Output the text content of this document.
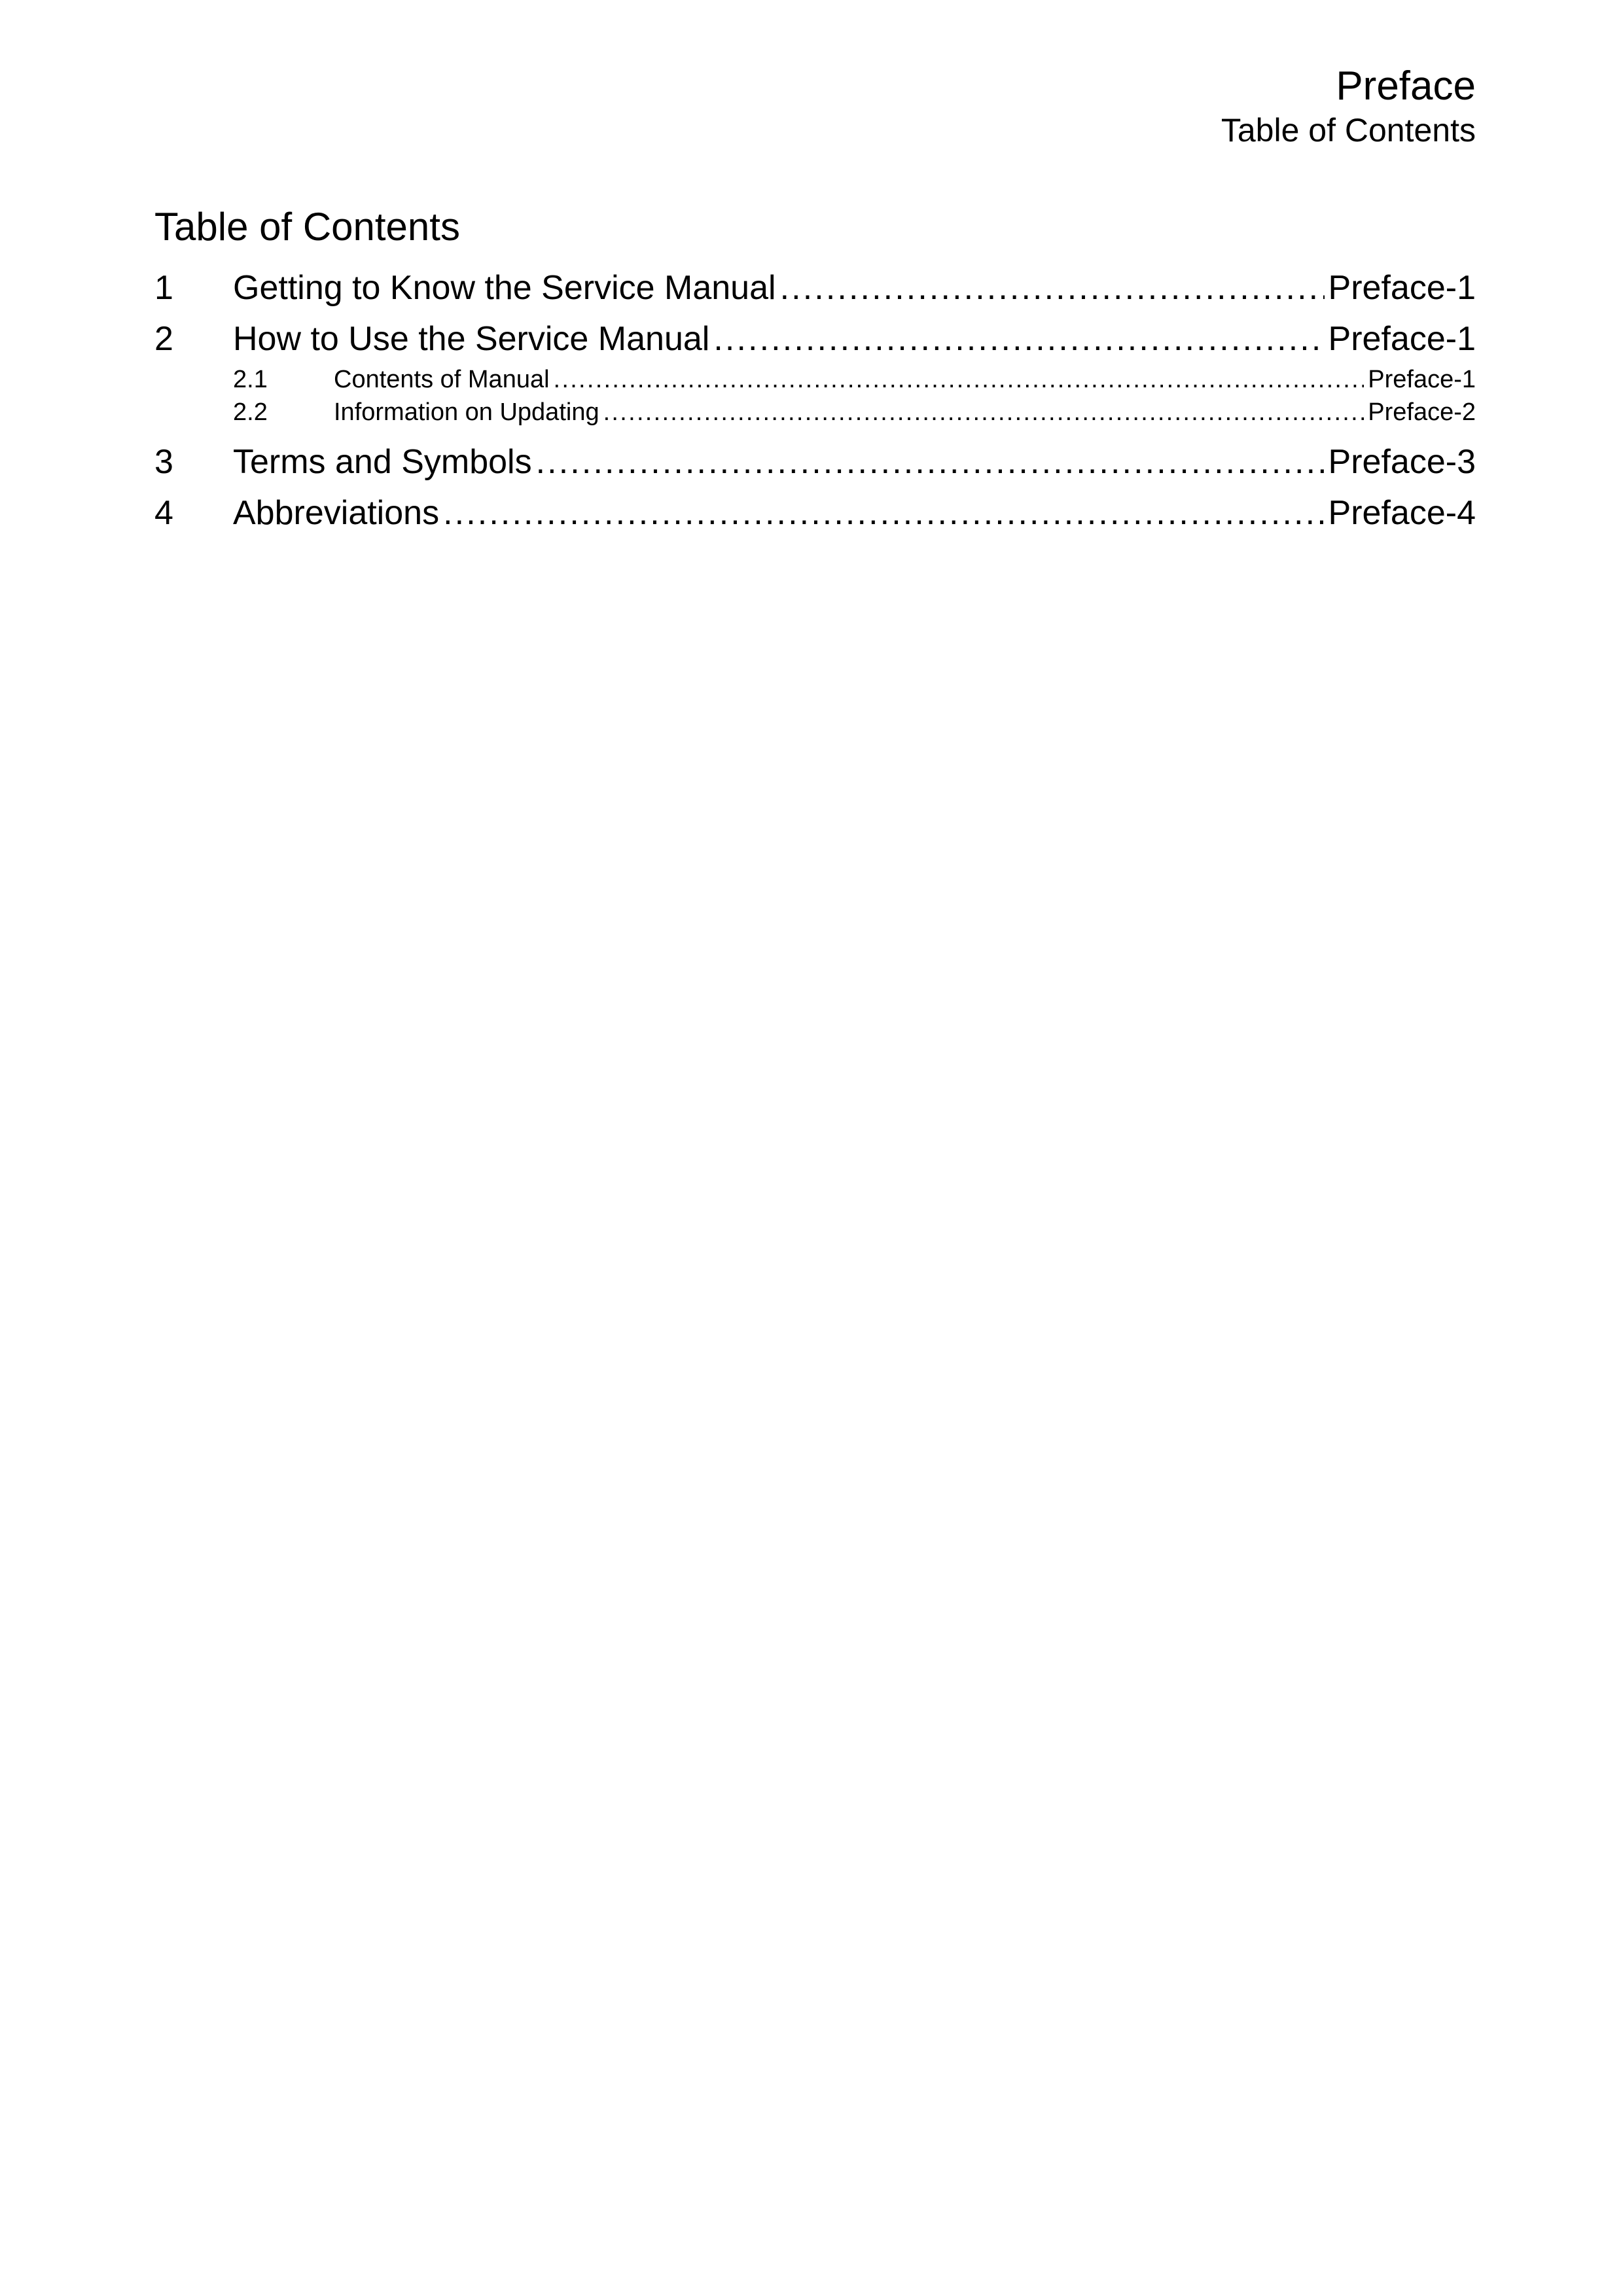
Preface
Table of Contents
Table of Contents
1	Getting to Know the Service Manual .....	Preface-1
2	How to Use the Service Manual .....	Preface-1
2.1	Contents of Manual .....	Preface-1
2.2	Information on Updating .....	Preface-2
3	Terms and Symbols .....	Preface-3
4	Abbreviations .....	Preface-4
